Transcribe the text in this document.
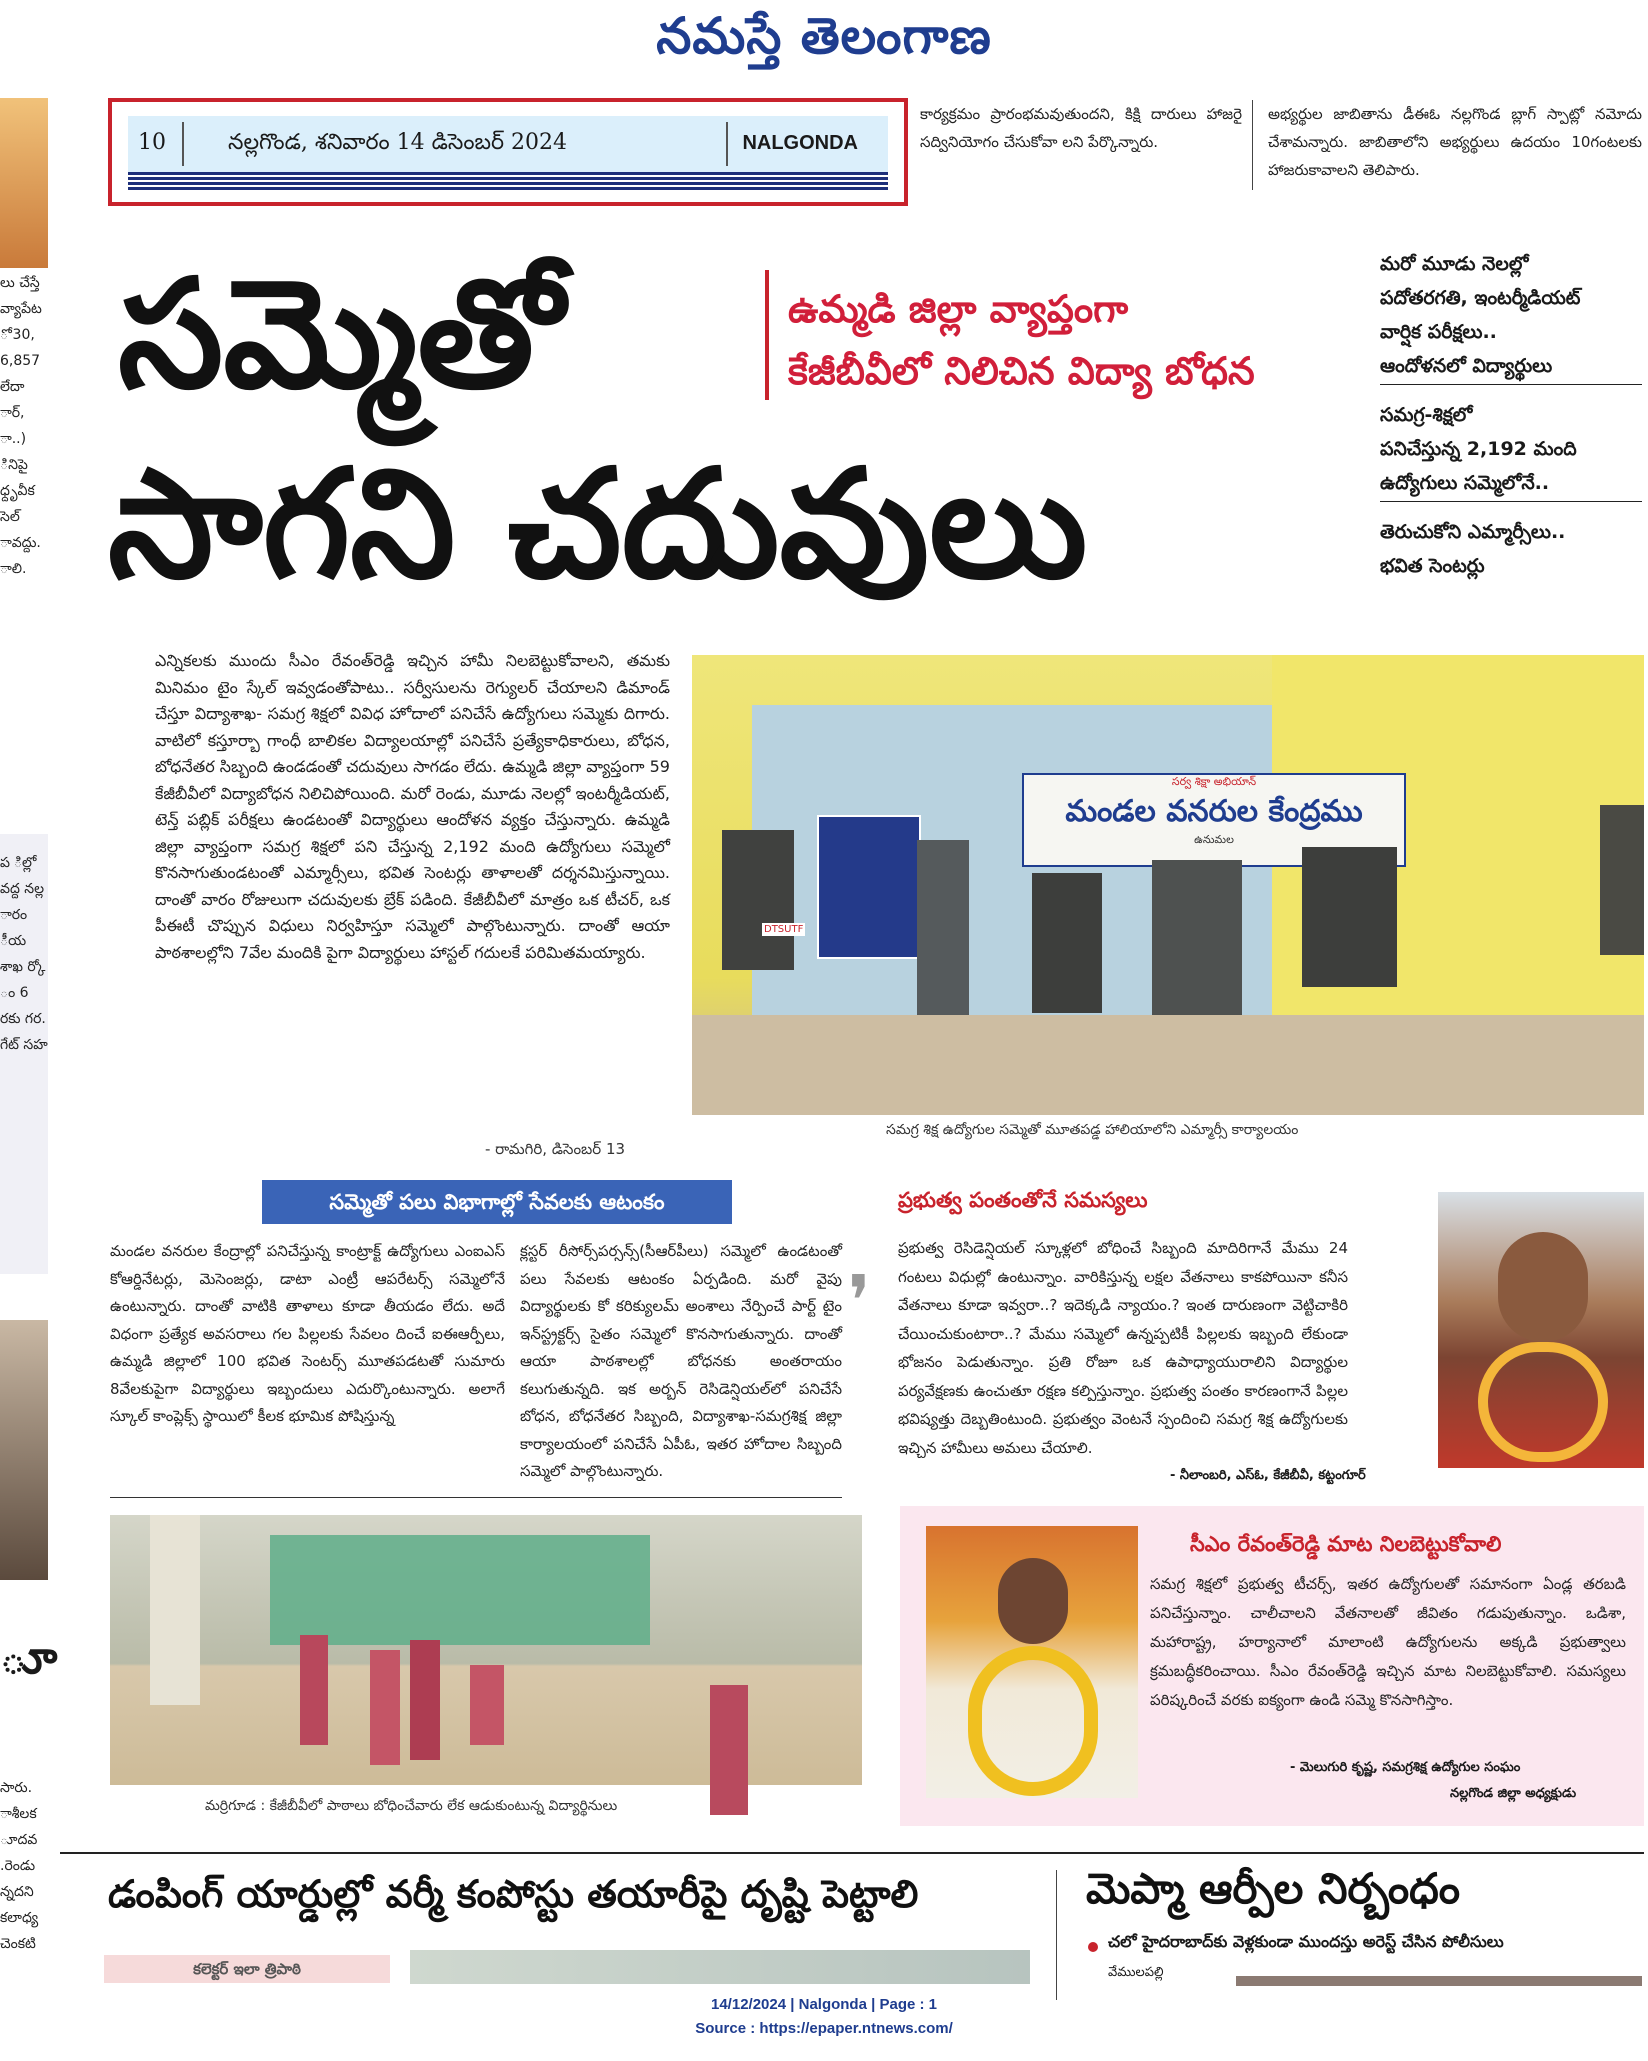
నమస్తే తెలంగాణ
లు చేస్తే వ్యాపేట ో 30, 6,857 లేదా ార్, ా..) ినిపై ధ్దృవీక సెల్ ావద్దు. ాలి.
ప ిల్లో వద్ద నల్ల ారం ీయ శాఖ ర్కో ం 6 రకు గర. గేట్ సహ
ూ
సారు. ాశీలక ూదవ .రెండు న్నదని కలాధ్య చెంకటి
10	నల్లగొండ, శనివారం 14 డిసెంబర్ 2024	NALGONDA
కార్యక్రమం ప్రారంభమవుతుందని, కిక్షి దారులు హాజరై సద్వినియోగం చేసుకోవా లని పేర్కొన్నారు.
అభ్యర్థుల జాబితాను డీఈఓ నల్లగొండ బ్లాగ్ స్పాట్లో నమోదు చేశామన్నారు. జాబితాలోని అభ్యర్థులు ఉదయం 10గంటలకు హాజరుకావాలని తెలిపారు.
సమ్మెతో
సాగని చదువులు
ఉమ్మడి జిల్లా వ్యాప్తంగా
కేజీబీవీలో నిలిచిన విద్యా బోధన
మరో మూడు నెలల్లో
పదోతరగతి, ఇంటర్మీడియట్
వార్షిక పరీక్షలు..
ఆందోళనలో విద్యార్థులు
సమగ్ర-శిక్షలో
పనిచేస్తున్న 2,192 మంది
ఉద్యోగులు సమ్మెలోనే..
తెరుచుకోని ఎమ్మార్సీలు..
భవిత సెంటర్లు
ఎన్నికలకు ముందు సీఎం రేవంత్‌రెడ్డి ఇచ్చిన హామీ నిలబెట్టుకోవాలని, తమకు మినిమం టైం స్కేల్ ఇవ్వడంతోపాటు.. సర్వీసులను రెగ్యులర్ చేయాలని డిమాండ్ చేస్తూ విద్యాశాఖ- సమగ్ర శిక్షలో వివిధ హోదాలో పనిచేసే ఉద్యోగులు సమ్మెకు దిగారు. వాటిలో కస్తూర్బా గాంధీ బాలికల విద్యాలయాల్లో పనిచేసే ప్రత్యేకాధికారులు, బోధన, బోధనేతర సిబ్బంది ఉండడంతో చదువులు సాగడం లేదు. ఉమ్మడి జిల్లా వ్యాప్తంగా 59 కేజీబీవీలో విద్యాబోధన నిలిచిపోయింది. మరో రెండు, మూడు నెలల్లో ఇంటర్మీడియట్, టెన్త్ పబ్లిక్ పరీక్షలు ఉండటంతో విద్యార్థులు ఆందోళన వ్యక్తం చేస్తున్నారు. ఉమ్మడి జిల్లా వ్యాప్తంగా సమగ్ర శిక్షలో పని చేస్తున్న 2,192 మంది ఉద్యోగులు సమ్మెలో కొనసాగుతుండటంతో ఎమ్మార్సీలు, భవిత సెంటర్లు తాళాలతో దర్శనమిస్తున్నాయి. దాంతో వారం రోజులుగా చదువులకు బ్రేక్ పడింది. కేజీబీవీలో మాత్రం ఒక టీచర్, ఒక పీఈటీ చొప్పున విధులు నిర్వహిస్తూ సమ్మెలో పాల్గొంటున్నారు. దాంతో ఆయా పాఠశాలల్లోని 7వేల మందికి పైగా విద్యార్థులు హాస్టల్ గదులకే పరిమితమయ్యారు.
- రామగిరి, డిసెంబర్ 13
సర్వ శిక్షా అభియాన్
మండల వనరుల కేంద్రము
ఉనుమల
DTSUTF
సమగ్ర శిక్ష ఉద్యోగుల సమ్మెతో మూతపడ్డ హాలియాలోని ఎమ్మార్సీ కార్యాలయం
సమ్మెతో పలు విభాగాల్లో సేవలకు ఆటంకం
మండల వనరుల కేంద్రాల్లో పనిచేస్తున్న కాంట్రాక్ట్ ఉద్యోగులు ఎంఐఎస్ కోఆర్డినేటర్లు, మెసెంజర్లు, డాటా ఎంట్రీ ఆపరేటర్స్ సమ్మెలోనే ఉంటున్నారు. దాంతో వాటికి తాళాలు కూడా తీయడం లేదు. అదే విధంగా ప్రత్యేక అవసరాలు గల పిల్లలకు సేవలం దించే ఐఈఆర్పీలు, ఉమ్మడి జిల్లాలో 100 భవిత సెంటర్స్ మూతపడటతో సుమారు 8వేలకుపైగా విద్యార్థులు ఇబ్బందులు ఎదుర్కొంటున్నారు. అలాగే స్కూల్ కాంప్లెక్స్ స్థాయిలో కీలక భూమిక పోషిస్తున్న
క్లస్టర్ రీసోర్స్‌పర్సన్స్(సీఆర్‌పీలు) సమ్మెలో ఉండటంతో పలు సేవలకు ఆటంకం ఏర్పడింది. మరో వైపు విద్యార్థులకు కో కరిక్యులమ్ అంశాలు నేర్పించే పార్ట్ టైం ఇన్‌స్ట్రక్టర్స్ సైతం సమ్మెలో కొనసాగుతున్నారు. దాంతో ఆయా పాఠశాలల్లో బోధనకు అంతరాయం కలుగుతున్నది. ఇక అర్బన్ రెసిడెన్షియల్‌లో పనిచేసే బోధన, బోధనేతర సిబ్బంది, విద్యాశాఖ-సమగ్రశిక్ష జిల్లా కార్యాలయంలో పనిచేసే ఏపీఓ, ఇతర హోదాల సిబ్బంది సమ్మెలో పాల్గొంటున్నారు.
మర్రిగూడ : కేజీబీవీలో పాఠాలు బోధించేవారు లేక ఆడుకుంటున్న విద్యార్థినులు
ప్రభుత్వ పంతంతోనే సమస్యలు
❜
ప్రభుత్వ రెసిడెన్షియల్ స్కూళ్లలో బోధించే సిబ్బంది మాదిరిగానే మేము 24 గంటలు విధుల్లో ఉంటున్నాం. వారికిస్తున్న లక్షల వేతనాలు కాకపోయినా కనీస వేతనాలు కూడా ఇవ్వరా..? ఇదెక్కడి న్యాయం.? ఇంత దారుణంగా వెట్టిచాకిరి చేయించుకుంటారా..? మేము సమ్మెలో ఉన్నప్పటికీ పిల్లలకు ఇబ్బంది లేకుండా భోజనం పెడుతున్నాం. ప్రతి రోజూ ఒక ఉపాధ్యాయురాలిని విద్యార్థుల పర్యవేక్షణకు ఉంచుతూ రక్షణ కల్పిస్తున్నాం. ప్రభుత్వ పంతం కారణంగానే పిల్లల భవిష్యత్తు దెబ్బతింటుంది. ప్రభుత్వం వెంటనే స్పందించి సమగ్ర శిక్ష ఉద్యోగులకు ఇచ్చిన హామీలు అమలు చేయాలి.
- నీలాంబరి, ఎస్ఓ, కేజీబీవీ, కట్టంగూర్
సీఎం రేవంత్‌రెడ్డి మాట నిలబెట్టుకోవాలి
సమగ్ర శిక్షలో ప్రభుత్వ టీచర్స్, ఇతర ఉద్యోగులతో సమానంగా ఏండ్ల తరబడి పనిచేస్తున్నాం. చాలీచాలని వేతనాలతో జీవితం గడుపుతున్నాం. ఒడిశా, మహారాష్ట్ర, హర్యానాలో మాలాంటి ఉద్యోగులను అక్కడి ప్రభుత్వాలు క్రమబద్ధీకరించాయి. సీఎం రేవంత్‌రెడ్డి ఇచ్చిన మాట నిలబెట్టుకోవాలి. సమస్యలు పరిష్కరించే వరకు ఐక్యంగా ఉండి సమ్మె కొనసాగిస్తాం.
- మెలుగురి కృష్ణ, సమగ్రశిక్ష ఉద్యోగుల సంఘం
నల్లగొండ జిల్లా అధ్యక్షుడు
డంపింగ్ యార్డుల్లో వర్మీ కంపోస్టు తయారీపై దృష్టి పెట్టాలి	మెప్మా ఆర్పీల నిర్బంధం
చలో హైదరాబాద్‌కు వెళ్లకుండా ముందస్తు అరెస్ట్ చేసిన పోలీసులు
వేములపల్లి
కలెక్టర్ ఇలా త్రిపాఠి
14/12/2024 | Nalgonda | Page : 1
Source : https://epaper.ntnews.com/
